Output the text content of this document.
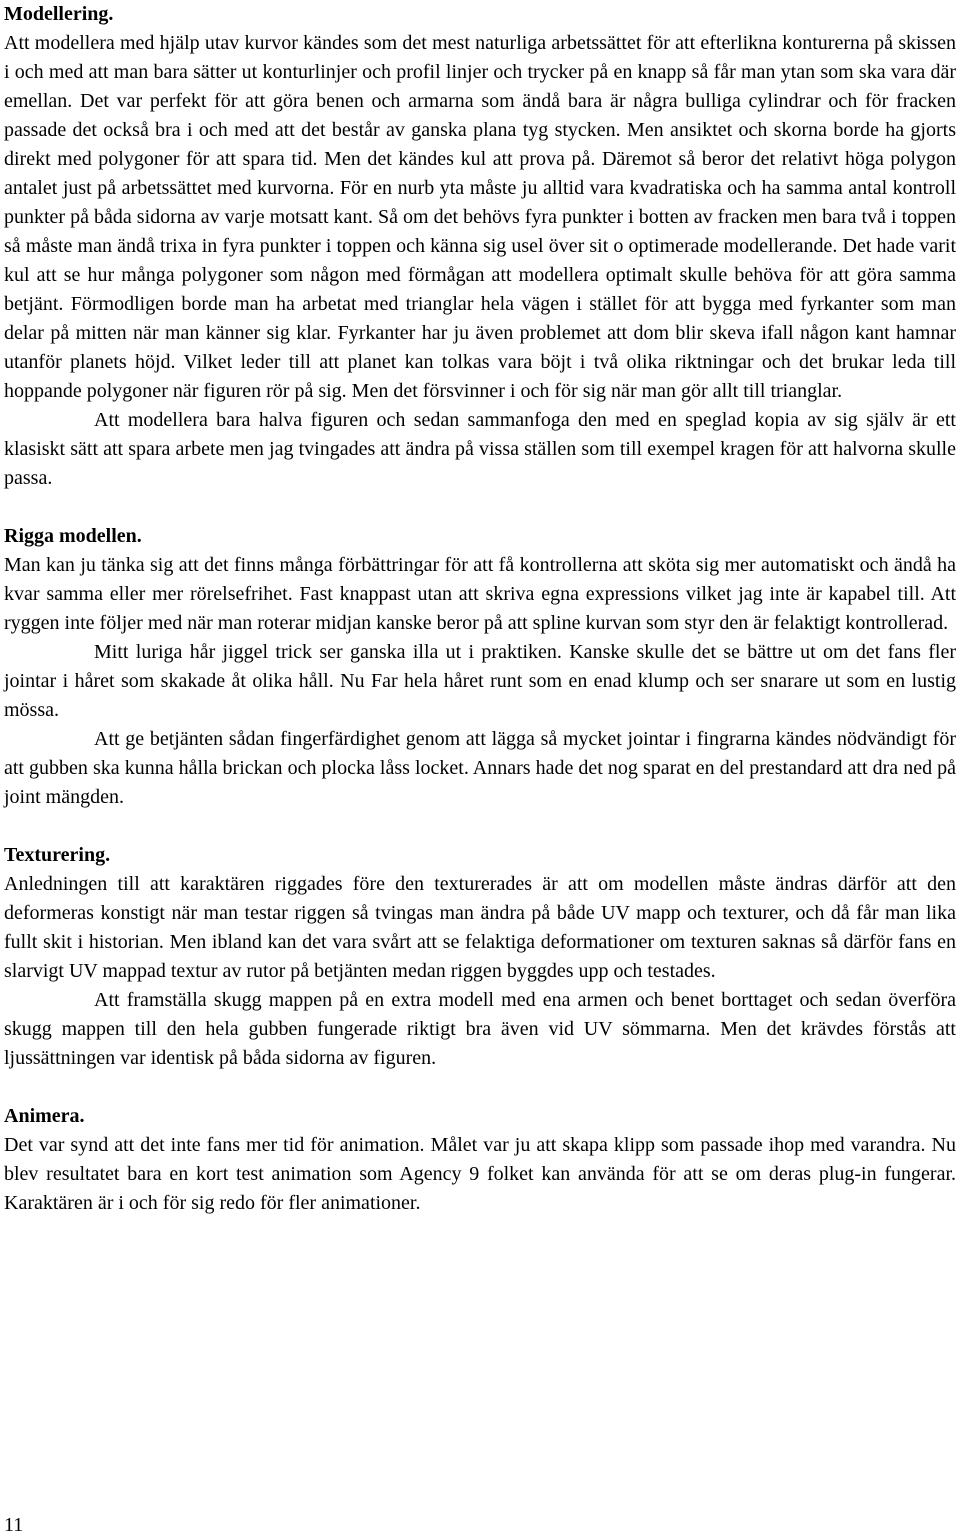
Modellering.

Att modellera med hjälp utav kurvor kändes som det mest naturliga arbetssättet för att efterlikna konturerna på skissen i och med att man bara sätter ut konturlinjer och profil linjer och trycker på en knapp så får man ytan som ska vara där emellan. Det var perfekt för att göra benen och armarna som ändå bara är några bulliga cylindrar och för fracken passade det också bra i och med att det består av ganska plana tyg stycken. Men ansiktet och skorna borde ha gjorts direkt med polygoner för att spara tid. Men det kändes kul att prova på. Däremot så beror det relativt höga polygon antalet just på arbetssättet med kurvorna. För en nurb yta måste ju alltid vara kvadratiska och ha samma antal kontroll punkter på båda sidorna av varje motsatt kant. Så om det behövs fyra punkter i botten av fracken men bara två i toppen så måste man ändå trixa in fyra punkter i toppen och känna sig usel över sit o optimerade modellerande. Det hade varit kul att se hur många polygoner som någon med förmågan att modellera optimalt skulle behöva för att göra samma betjänt. Förmodligen borde man ha arbetat med trianglar hela vägen i stället för att bygga med fyrkanter som man delar på mitten när man känner sig klar. Fyrkanter har ju även problemet att dom blir skeva ifall någon kant hamnar utanför planets höjd. Vilket leder till att planet kan tolkas vara böjt i två olika riktningar och det brukar leda till hoppande polygoner när figuren rör på sig. Men det försvinner i och för sig när man gör allt till trianglar.

Att modellera bara halva figuren och sedan sammanfoga den med en speglad kopia av sig själv är ett klasiskt sätt att spara arbete men jag tvingades att ändra på vissa ställen som till exempel kragen för att halvorna skulle passa.

Rigga modellen.

Man kan ju tänka sig att det finns många förbättringar för att få kontrollerna att sköta sig mer automatiskt och ändå ha kvar samma eller mer rörelsefrihet. Fast knappast utan att skriva egna expressions vilket jag inte är kapabel till. Att ryggen inte följer med när man roterar midjan kanske beror på att spline kurvan som styr den är felaktigt kontrollerad.

Mitt luriga hår jiggel trick ser ganska illa ut i praktiken. Kanske skulle det se bättre ut om det fans fler jointar i håret som skakade åt olika håll. Nu Far hela håret runt som en enad klump och ser snarare ut som en lustig mössa.

Att ge betjänten sådan fingerfärdighet genom att lägga så mycket jointar i fingrarna kändes nödvändigt för att gubben ska kunna hålla brickan och plocka låss locket. Annars hade det nog sparat en del prestandard att dra ned på joint mängden.

Texturering.

Anledningen till att karaktären riggades före den texturerades är att om modellen måste ändras därför att den deformeras konstigt när man testar riggen så tvingas man ändra på både UV mapp och texturer, och då får man lika fullt skit i historian. Men ibland kan det vara svårt att se felaktiga deformationer om texturen saknas så därför fans en slarvigt UV mappad textur av rutor på betjänten medan riggen byggdes upp och testades.

Att framställa skugg mappen på en extra modell med ena armen och benet borttaget och sedan överföra skugg mappen till den hela gubben fungerade riktigt bra även vid UV sömmarna. Men det krävdes förstås att ljussättningen var identisk på båda sidorna av figuren.

Animera.

Det var synd att det inte fans mer tid för animation. Målet var ju att skapa klipp som passade ihop med varandra. Nu blev resultatet bara en kort test animation som Agency 9 folket kan använda för att se om deras plug-in fungerar. Karaktären är i och för sig redo för fler animationer.

11
